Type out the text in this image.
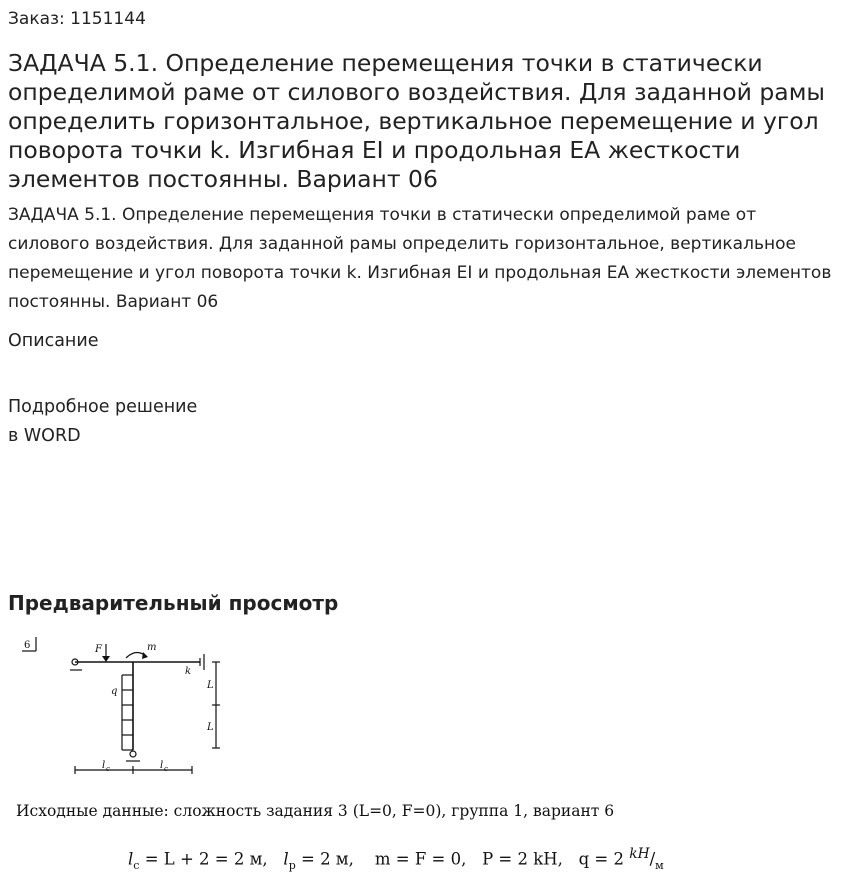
Заказ: 1151144
ЗАДАЧА 5.1. Определение перемещения точки в статически определимой раме от силового воздействия. Для заданной рамы определить горизонтальное, вертикальное перемещение и угол поворота точки k. Изгибная EI и продольная EA жесткости элементов постоянны. Вариант 06
ЗАДАЧА 5.1. Определение перемещения точки в статически определимой раме от силового воздействия. Для заданной рамы определить горизонтальное, вертикальное перемещение и угол поворота точки k. Изгибная EI и продольная EA жесткости элементов постоянны. Вариант 06
Описание
Подробное решение
в WORD
Предварительный просмотр
6	F	m
q
k
l c	l c
L
L
Исходные данные: сложность задания 3 (L=0, F=0), группа 1, вариант 6
$l_c = L + 2 = 2$ м,   $l_p = 2$ м,    m = F = 0,   P = 2 kH,   q = 2 $^{kH}/_м$
